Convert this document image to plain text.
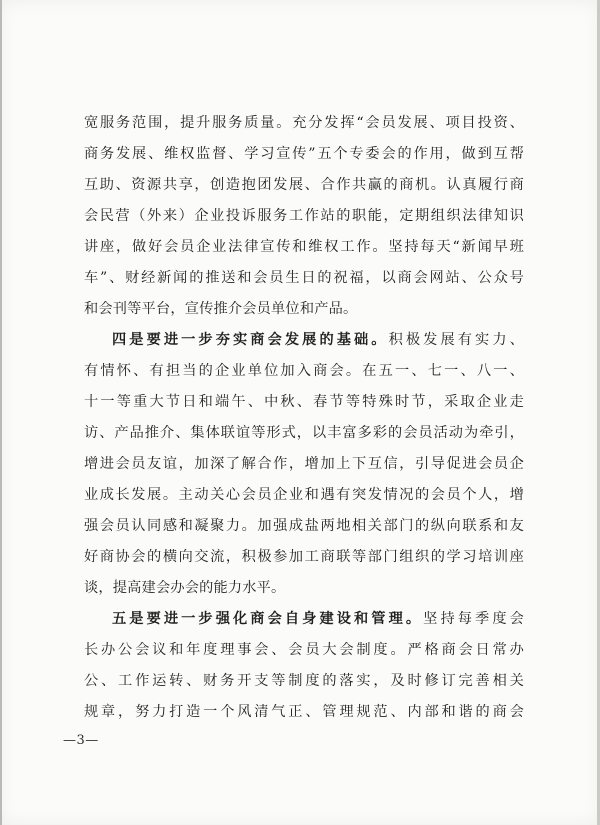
宽服务范围，提升服务质量。充分发挥“会员发展、项目投资、
商务发展、维权监督、学习宣传”五个专委会的作用，做到互帮
互助、资源共享，创造抱团发展、合作共赢的商机。认真履行商
会民营（外来）企业投诉服务工作站的职能，定期组织法律知识
讲座，做好会员企业法律宣传和维权工作。坚持每天“新闻早班
车”、财经新闻的推送和会员生日的祝福，以商会网站、公众号
和会刊等平台，宣传推介会员单位和产品。
四是要进一步夯实商会发展的基础。积极发展有实力、
有情怀、有担当的企业单位加入商会。在五一、七一、八一、
十一等重大节日和端午、中秋、春节等特殊时节，采取企业走
访、产品推介、集体联谊等形式，以丰富多彩的会员活动为牵引，
增进会员友谊，加深了解合作，增加上下互信，引导促进会员企
业成长发展。主动关心会员企业和遇有突发情况的会员个人，增
强会员认同感和凝聚力。加强成盐两地相关部门的纵向联系和友
好商协会的横向交流，积极参加工商联等部门组织的学习培训座
谈，提高建会办会的能力水平。
五是要进一步强化商会自身建设和管理。坚持每季度会
长办公会议和年度理事会、会员大会制度。严格商会日常办
公、工作运转、财务开支等制度的落实，及时修订完善相关
规章，努力打造一个风清气正、管理规范、内部和谐的商会
—3—
